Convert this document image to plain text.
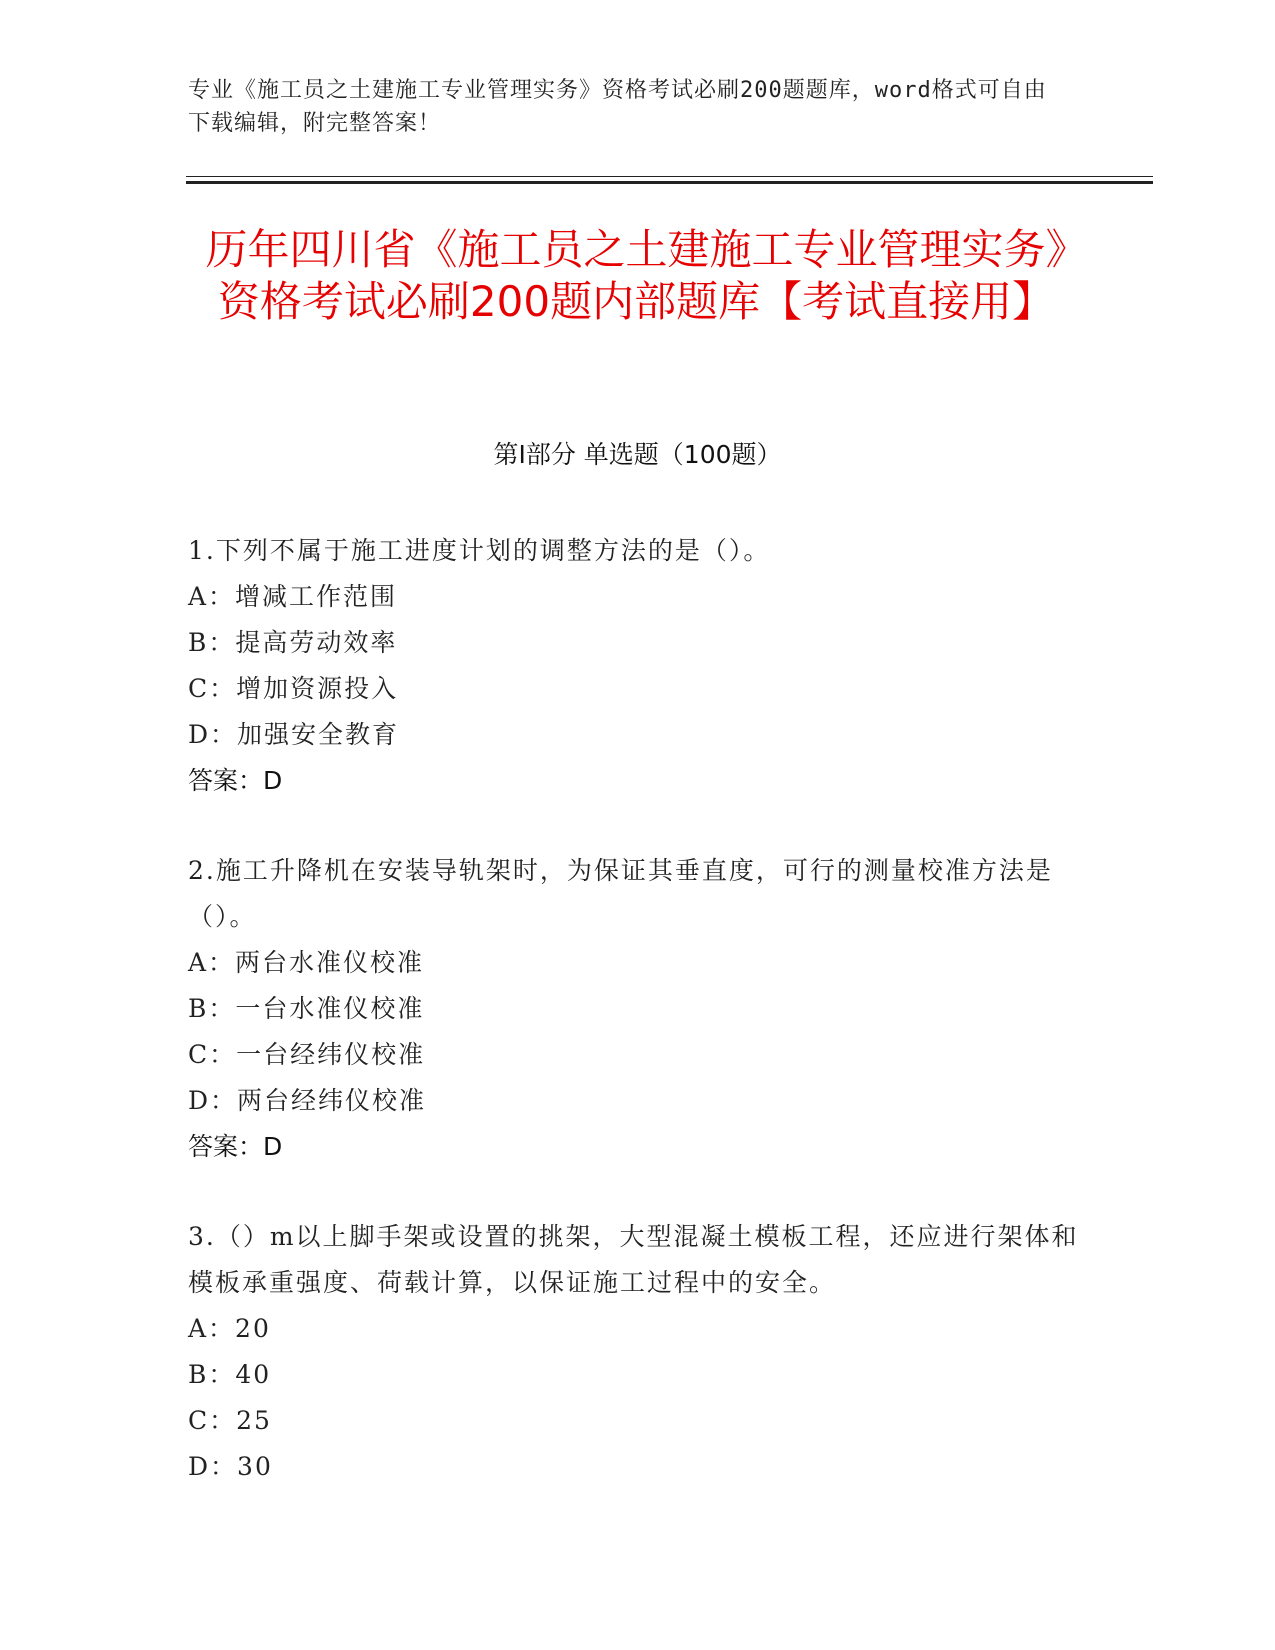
专业《施工员之土建施工专业管理实务》资格考试必刷200题题库，word格式可自由下载编辑，附完整答案！
历年四川省《施工员之土建施工专业管理实务》资格考试必刷200题内部题库【考试直接用】
第I部分 单选题（100题）
1.下列不属于施工进度计划的调整方法的是（）。
A：增减工作范围
B：提高劳动效率
C：增加资源投入
D：加强安全教育
答案：D
2.施工升降机在安装导轨架时，为保证其垂直度，可行的测量校准方法是（）。
A：两台水准仪校准
B：一台水准仪校准
C：一台经纬仪校准
D：两台经纬仪校准
答案：D
3.（）m以上脚手架或设置的挑架，大型混凝土模板工程，还应进行架体和模板承重强度、荷载计算，以保证施工过程中的安全。
A：20
B：40
C：25
D：30
